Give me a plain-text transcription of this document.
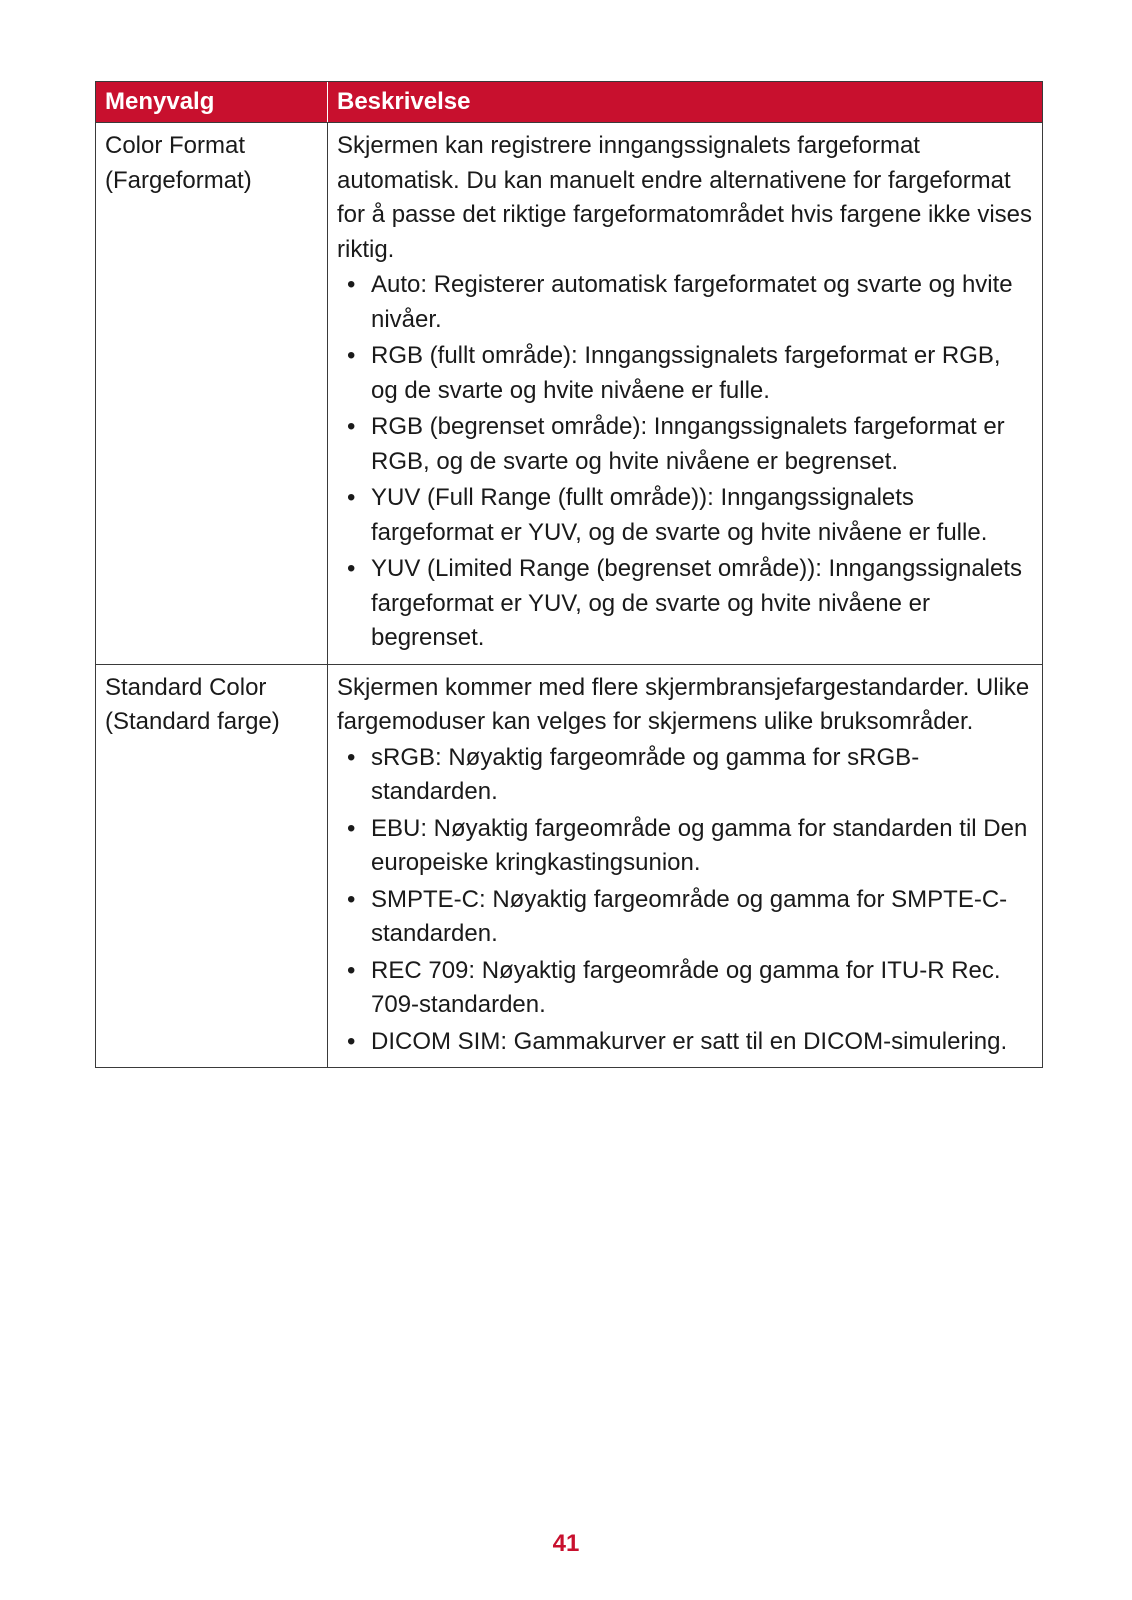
Menyvalg	Beskrivelse
Color Format
(Fargeformat)
Skjermen kan registrere inngangssignalets fargeformat automatisk. Du kan manuelt endre alternativene for fargeformat for å passe det riktige fargeformatområdet hvis fargene ikke vises riktig.
• Auto: Registerer automatisk fargeformatet og svarte og hvite nivåer.
• RGB (fullt område): Inngangssignalets fargeformat er RGB, og de svarte og hvite nivåene er fulle.
• RGB (begrenset område): Inngangssignalets fargeformat er RGB, og de svarte og hvite nivåene er begrenset.
• YUV (Full Range (fullt område)): Inngangssignalets fargeformat er YUV, og de svarte og hvite nivåene er fulle.
• YUV (Limited Range (begrenset område)): Inngangssignalets fargeformat er YUV, og de svarte og hvite nivåene er begrenset.
Standard Color
(Standard farge)
Skjermen kommer med flere skjermbransjefargestandarder. Ulike fargemoduser kan velges for skjermens ulike bruksområder.
• sRGB: Nøyaktig fargeområde og gamma for sRGB-standarden.
• EBU: Nøyaktig fargeområde og gamma for standarden til Den europeiske kringkastingsunion.
• SMPTE-C: Nøyaktig fargeområde og gamma for SMPTE-C-standarden.
• REC 709: Nøyaktig fargeområde og gamma for ITU-R Rec. 709-standarden.
• DICOM SIM: Gammakurver er satt til en DICOM-simulering.
41
